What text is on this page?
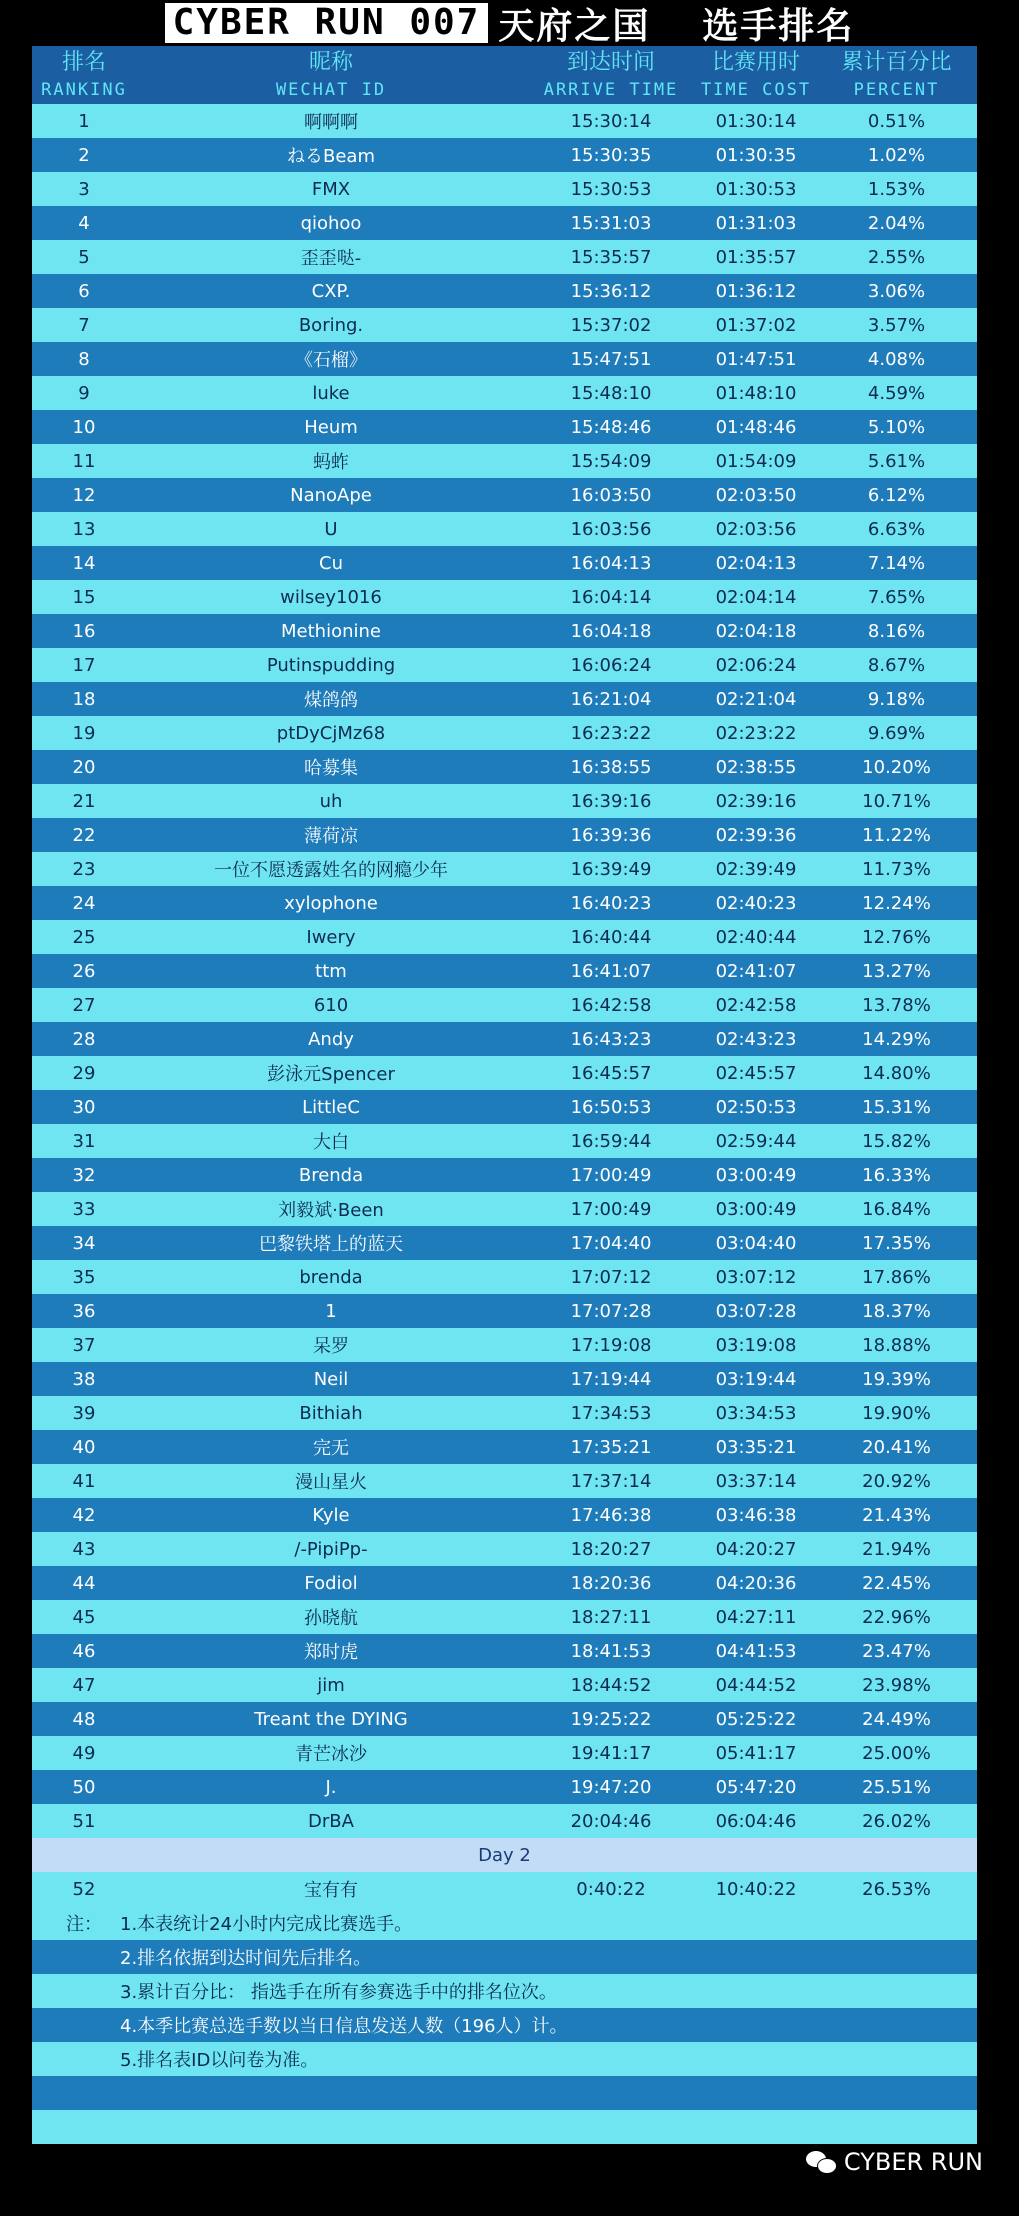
CYBER RUN 007 天府之国 选手排名
排名	昵称	到达时间	比赛用时	累计百分比
RANKING	WECHAT ID	ARRIVE TIME	TIME COST	PERCENT
1	啊啊啊	15:30:14	01:30:14	0.51%
2	ねるBeam	15:30:35	01:30:35	1.02%
3	FMX	15:30:53	01:30:53	1.53%
4	qiohoo	15:31:03	01:31:03	2.04%
5	歪歪哒-	15:35:57	01:35:57	2.55%
6	CXP.	15:36:12	01:36:12	3.06%
7	Boring.	15:37:02	01:37:02	3.57%
8	《石榴》	15:47:51	01:47:51	4.08%
9	luke	15:48:10	01:48:10	4.59%
10	Heum	15:48:46	01:48:46	5.10%
11	蚂蚱	15:54:09	01:54:09	5.61%
12	NanoApe	16:03:50	02:03:50	6.12%
13	U	16:03:56	02:03:56	6.63%
14	Cu	16:04:13	02:04:13	7.14%
15	wilsey1016	16:04:14	02:04:14	7.65%
16	Methionine	16:04:18	02:04:18	8.16%
17	Putinspudding	16:06:24	02:06:24	8.67%
18	煤鸽鸽	16:21:04	02:21:04	9.18%
19	ptDyCjMz68	16:23:22	02:23:22	9.69%
20	哈募集	16:38:55	02:38:55	10.20%
21	uh	16:39:16	02:39:16	10.71%
22	薄荷凉	16:39:36	02:39:36	11.22%
23	一位不愿透露姓名的网瘾少年	16:39:49	02:39:49	11.73%
24	xylophone	16:40:23	02:40:23	12.24%
25	Iwery	16:40:44	02:40:44	12.76%
26	ttm	16:41:07	02:41:07	13.27%
27	610	16:42:58	02:42:58	13.78%
28	Andy	16:43:23	02:43:23	14.29%
29	彭泳元Spencer	16:45:57	02:45:57	14.80%
30	LittleC	16:50:53	02:50:53	15.31%
31	大白	16:59:44	02:59:44	15.82%
32	Brenda	17:00:49	03:00:49	16.33%
33	刘毅斌·Been	17:00:49	03:00:49	16.84%
34	巴黎铁塔上的蓝天	17:04:40	03:04:40	17.35%
35	brenda	17:07:12	03:07:12	17.86%
36	1	17:07:28	03:07:28	18.37%
37	呆罗	17:19:08	03:19:08	18.88%
38	Neil	17:19:44	03:19:44	19.39%
39	Bithiah	17:34:53	03:34:53	19.90%
40	完无	17:35:21	03:35:21	20.41%
41	漫山星火	17:37:14	03:37:14	20.92%
42	Kyle	17:46:38	03:46:38	21.43%
43	/-PipiPp-	18:20:27	04:20:27	21.94%
44	Fodiol	18:20:36	04:20:36	22.45%
45	孙晓航	18:27:11	04:27:11	22.96%
46	郑时虎	18:41:53	04:41:53	23.47%
47	jim	18:44:52	04:44:52	23.98%
48	Treant the DYING	19:25:22	05:25:22	24.49%
49	青芒冰沙	19:41:17	05:41:17	25.00%
50	J.	19:47:20	05:47:20	25.51%
51	DrBA	20:04:46	06:04:46	26.02%
Day 2
52	宝有有	0:40:22	10:40:22	26.53%
注：	1.本表统计24小时内完成比赛选手。
2.排名依据到达时间先后排名。
3.累计百分比： 指选手在所有参赛选手中的排名位次。
4.本季比赛总选手数以当日信息发送人数（196人）计。
5.排名表ID以问卷为准。
CYBER RUN
